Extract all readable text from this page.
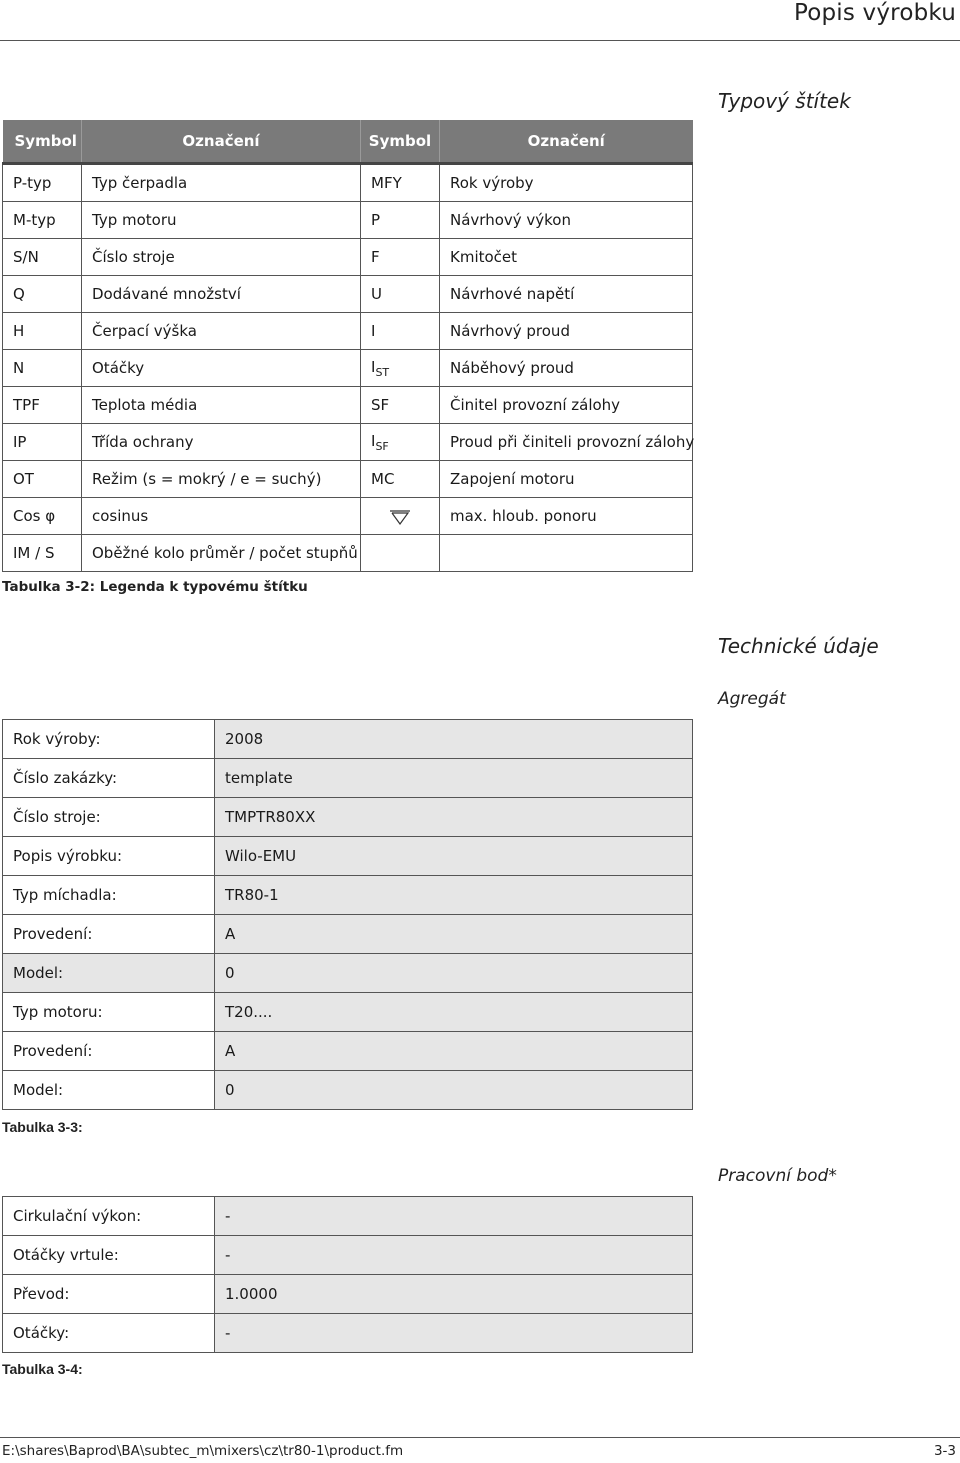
Popis výrobku
Typový štítek
Symbol	Označení	Symbol	Označení
P-typ	Typ čerpadla	MFY	Rok výroby
M-typ	Typ motoru	P	Návrhový výkon
S/N	Číslo stroje	F	Kmitočet
Q	Dodávané množství	U	Návrhové napětí
H	Čerpací výška	I	Návrhový proud
N	Otáčky	$I_{ST}$	Náběhový proud
TPF	Teplota média	SF	Činitel provozní zálohy
IP	Třída ochrany	$I_{SF}$	Proud při činiteli provozní zálohy
OT	Režim (s = mokrý / e = suchý)	MC	Zapojení motoru
Cos φ	cosinus		max. hloub. ponoru
IM / S	Oběžné kolo průměr / počet stupňů		
Tabulka 3-2: Legenda k typovému štítku
Technické údaje
Agregát
Rok výroby:	2008
Číslo zakázky:	template
Číslo stroje:	TMPTR80XX
Popis výrobku:	Wilo-EMU
Typ míchadla:	TR80-1
Provedení:	A
Model:	0
Typ motoru:	T20....
Provedení:	A
Model:	0
Tabulka 3-3:
Pracovní bod*
Cirkulační výkon:	-
Otáčky vrtule:	-
Převod:	1.0000
Otáčky:	-
Tabulka 3-4:
E:\shares\Baprod\BA\subtec_m\mixers\cz\tr80-1\product.fm	3-3
